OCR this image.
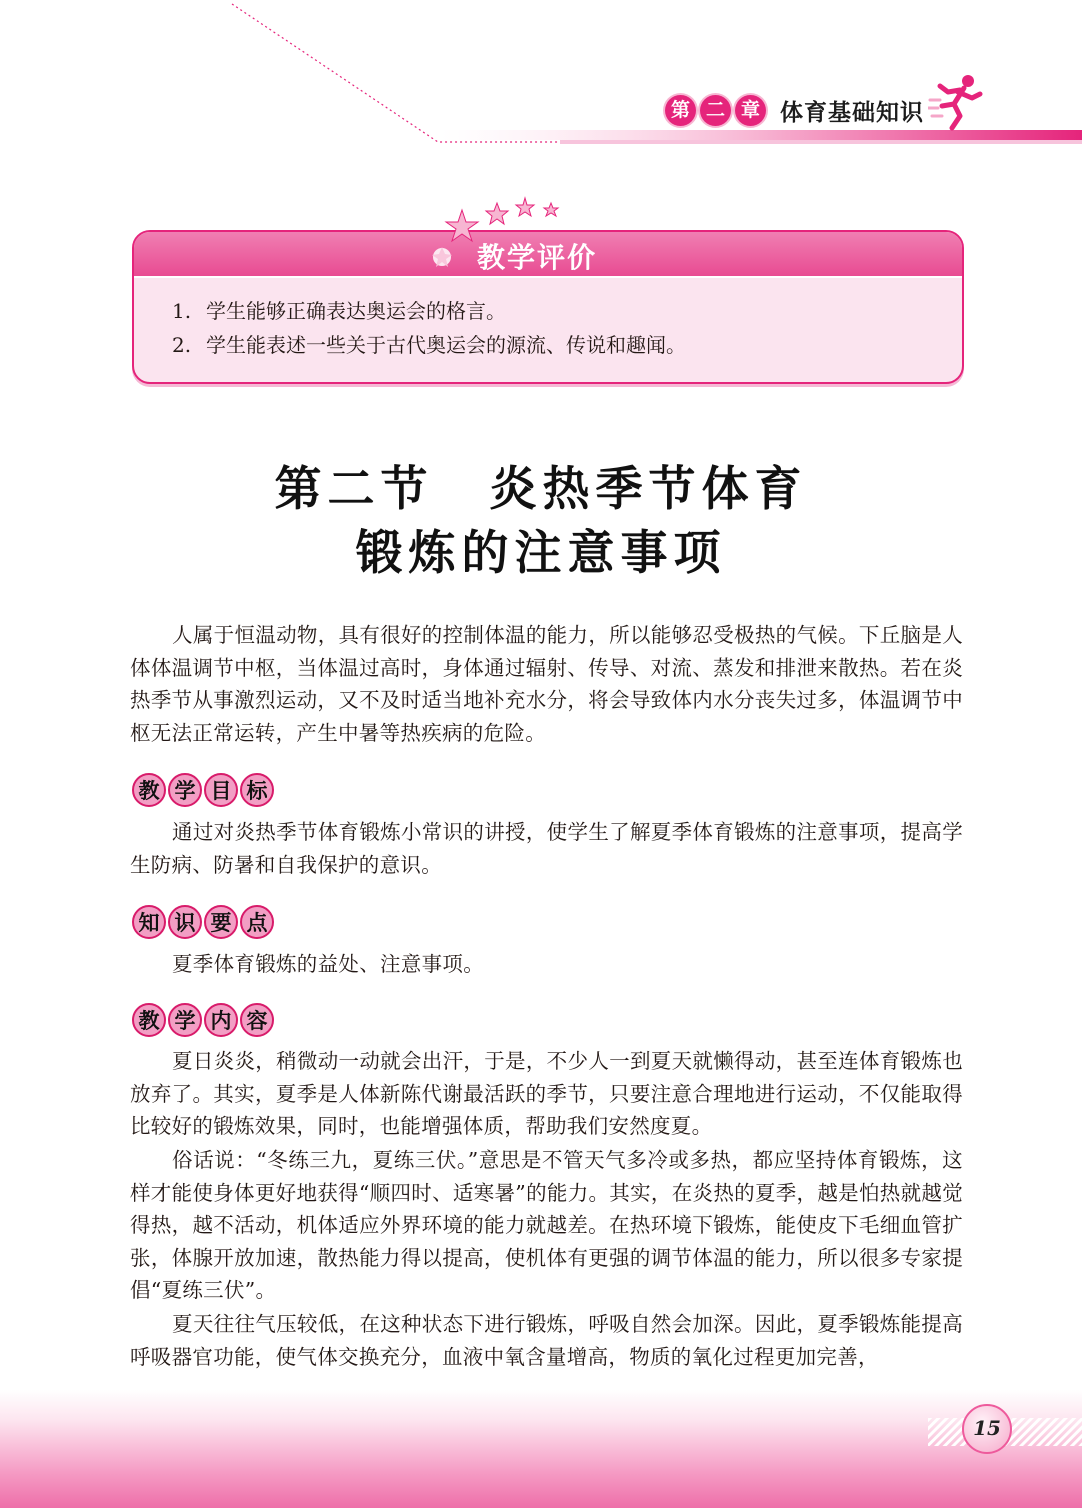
第 二 章 体育基础知识
教学评价
1. 学生能够正确表达奥运会的格言。
2. 学生能表述一些关于古代奥运会的源流、传说和趣闻。
第二节 炎热季节体育
锻炼的注意事项
人属于恒温动物，具有很好的控制体温的能力，所以能够忍受极热的气候。下丘脑是人体体温调节中枢，当体温过高时，身体通过辐射、传导、对流、蒸发和排泄来散热。若在炎热季节从事激烈运动，又不及时适当地补充水分，将会导致体内水分丧失过多，体温调节中枢无法正常运转，产生中暑等热疾病的危险。
教 学 目 标
通过对炎热季节体育锻炼小常识的讲授，使学生了解夏季体育锻炼的注意事项，提高学生防病、防暑和自我保护的意识。
知 识 要 点
夏季体育锻炼的益处、注意事项。
教 学 内 容
夏日炎炎，稍微动一动就会出汗，于是，不少人一到夏天就懒得动，甚至连体育锻炼也放弃了。其实，夏季是人体新陈代谢最活跃的季节，只要注意合理地进行运动，不仅能取得比较好的锻炼效果，同时，也能增强体质，帮助我们安然度夏。
俗话说：“冬练三九，夏练三伏。”意思是不管天气多冷或多热，都应坚持体育锻炼，这样才能使身体更好地获得“顺四时、适寒暑”的能力。其实，在炎热的夏季，越是怕热就越觉得热，越不活动，机体适应外界环境的能力就越差。在热环境下锻炼，能使皮下毛细血管扩张，体腺开放加速，散热能力得以提高，使机体有更强的调节体温的能力，所以很多专家提倡“夏练三伏”。
夏天往往气压较低，在这种状态下进行锻炼，呼吸自然会加深。因此，夏季锻炼能提高呼吸器官功能，使气体交换充分，血液中氧含量增高，物质的氧化过程更加完善，
15
